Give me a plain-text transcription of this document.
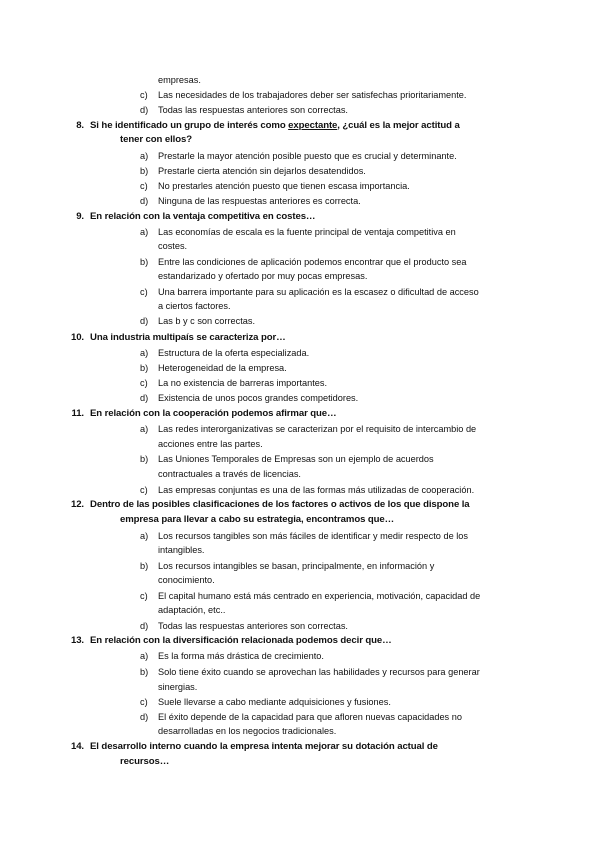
empresas.
c) Las necesidades de los trabajadores deber ser satisfechas prioritariamente.
d) Todas las respuestas anteriores son correctas.
8. Si he identificado un grupo de interés como expectante, ¿cuál es la mejor actitud a
tener con ellos?
a) Prestarle la mayor atención posible puesto que es crucial y determinante.
b) Prestarle cierta atención sin dejarlos desatendidos.
c) No prestarles atención puesto que tienen escasa importancia.
d) Ninguna de las respuestas anteriores es correcta.
9. En relación con la ventaja competitiva en costes…
a) Las economías de escala es la fuente principal de ventaja competitiva en
costes.
b) Entre las condiciones de aplicación podemos encontrar que el producto sea
estandarizado y ofertado por muy pocas empresas.
c) Una barrera importante para su aplicación es la escasez o dificultad de acceso
a ciertos factores.
d) Las b y c son correctas.
10. Una industria multipaís se caracteriza por…
a) Estructura de la oferta especializada.
b) Heterogeneidad de la empresa.
c) La no existencia de barreras importantes.
d) Existencia de unos pocos grandes competidores.
11. En relación con la cooperación podemos afirmar que…
a) Las redes interorganizativas se caracterizan por el requisito de intercambio de
acciones entre las partes.
b) Las Uniones Temporales de Empresas son un ejemplo de acuerdos
contractuales a través de licencias.
c) Las empresas conjuntas es una de las formas más utilizadas de cooperación.
12. Dentro de las posibles clasificaciones de los factores o activos de los que dispone la
empresa para llevar a cabo su estrategia, encontramos que…
a) Los recursos tangibles son más fáciles de identificar y medir respecto de los
intangibles.
b) Los recursos intangibles se basan, principalmente, en información y
conocimiento.
c) El capital humano está más centrado en experiencia, motivación, capacidad de
adaptación, etc..
d) Todas las respuestas anteriores son correctas.
13. En relación con la diversificación relacionada podemos decir que…
a) Es la forma más drástica de crecimiento.
b) Solo tiene éxito cuando se aprovechan las habilidades y recursos para generar
sinergias.
c) Suele llevarse a cabo mediante adquisiciones y fusiones.
d) El éxito depende de la capacidad para que afloren nuevas capacidades no
desarrolladas en los negocios tradicionales.
14. El desarrollo interno cuando la empresa intenta mejorar su dotación actual de
recursos…
